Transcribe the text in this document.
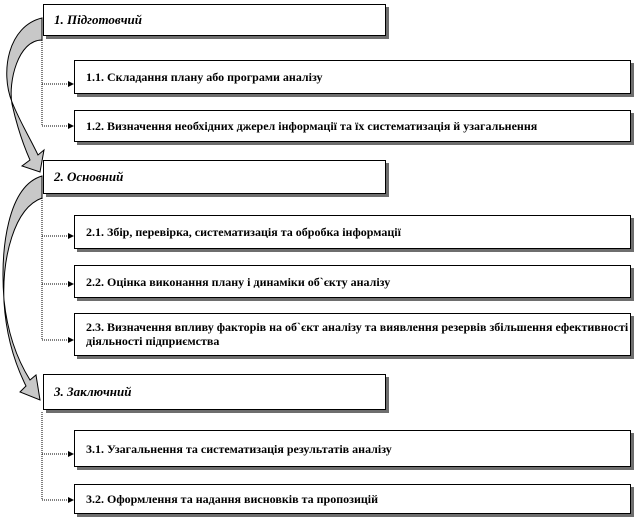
1. Підготовчий
1.1. Складання плану або програми аналізу
1.2. Визначення необхідних джерел інформації та їх систематизація й узагальнення
2. Основний
2.1. Збір, перевірка, систематизація та обробка інформації
2.2. Оцінка виконання плану і динаміки об`єкту аналізу
2.3. Визначення впливу факторів на об`єкт аналізу та виявлення резервів збільшення ефективності діяльності підприємства
3. Заключний
3.1. Узагальнення та систематизація результатів аналізу
3.2. Оформлення та надання висновків та пропозицій
